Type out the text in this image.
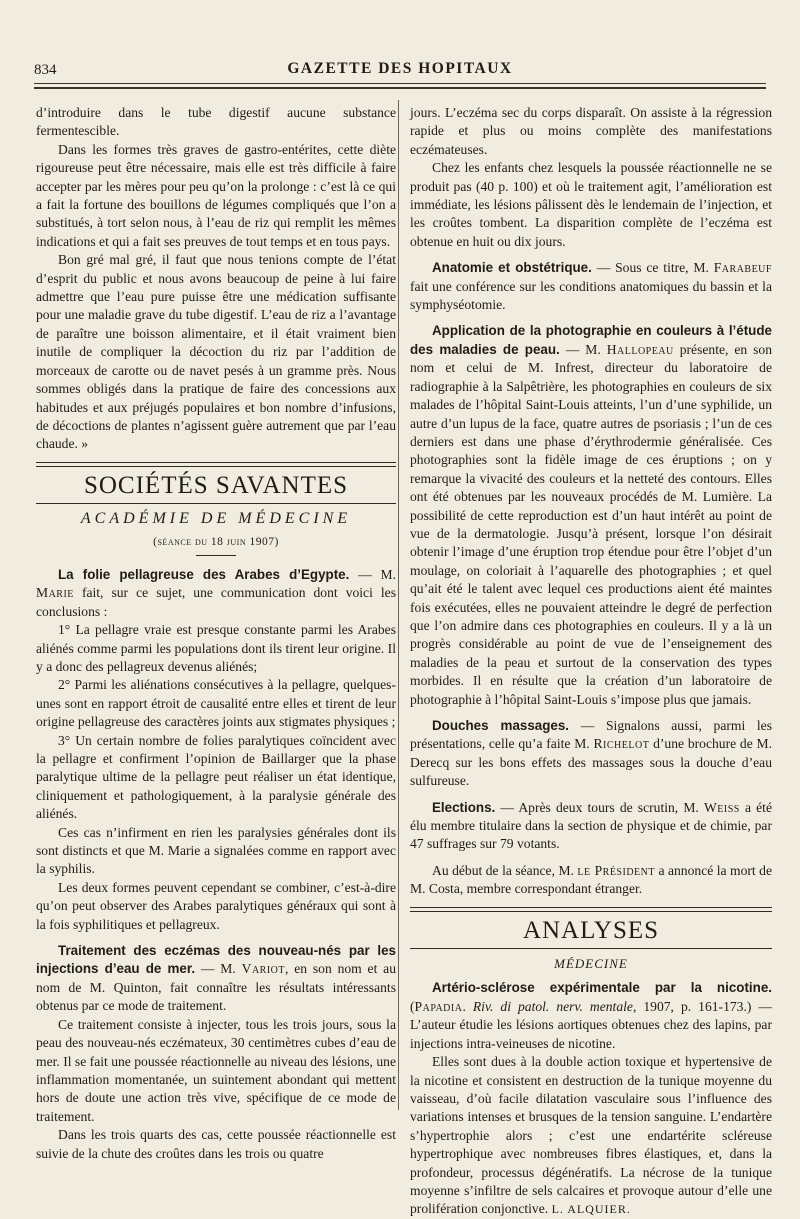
834	GAZETTE DES HOPITAUX

d’introduire dans le tube digestif aucune substance fermentescible.

Dans les formes très graves de gastro-entérites, cette diète rigoureuse peut être nécessaire, mais elle est très difficile à faire accepter par les mères pour peu qu’on la prolonge : c’est là ce qui a fait la fortune des bouillons de légumes compliqués que l’on a substitués, à tort selon nous, à l’eau de riz qui remplit les mêmes indications et qui a fait ses preuves de tout temps et en tous pays.

Bon gré mal gré, il faut que nous tenions compte de l’état d’esprit du public et nous avons beaucoup de peine à lui faire admettre que l’eau pure puisse être une médication suffisante pour une maladie grave du tube digestif. L’eau de riz a l’avantage de paraître une boisson alimentaire, et il était vraiment bien inutile de compliquer la décoction du riz par l’addition de morceaux de carotte ou de navet pesés à un gramme près. Nous sommes obligés dans la pratique de faire des concessions aux habitudes et aux préjugés populaires et bon nombre d’infusions, de décoctions de plantes n’agissent guère autrement que par l’eau chaude. »

SOCIÉTÉS SAVANTES
ACADÉMIE DE MÉDECINE
(séance du 18 juin 1907)

La folie pellagreuse des Arabes d’Egypte. — M. Marie fait, sur ce sujet, une communication dont voici les conclusions :

1° La pellagre vraie est presque constante parmi les Arabes aliénés comme parmi les populations dont ils tirent leur origine. Il y a donc des pellagreux devenus aliénés;

2° Parmi les aliénations consécutives à la pellagre, quelques-unes sont en rapport étroit de causalité entre elles et tirent de leur origine pellagreuse des caractères joints aux stigmates physiques ;

3° Un certain nombre de folies paralytiques coïncident avec la pellagre et confirment l’opinion de Baillarger que la phase paralytique ultime de la pellagre peut réaliser un état identique, cliniquement et pathologiquement, à la paralysie générale des aliénés.

Ces cas n’infirment en rien les paralysies générales dont ils sont distincts et que M. Marie a signalées comme en rapport avec la syphilis.

Les deux formes peuvent cependant se combiner, c’est-à-dire qu’on peut observer des Arabes paralytiques généraux qui sont à la fois syphilitiques et pellagreux.

Traitement des eczémas des nouveau-nés par les injections d’eau de mer. — M. Variot, en son nom et au nom de M. Quinton, fait connaître les résultats intéressants obtenus par ce mode de traitement.

Ce traitement consiste à injecter, tous les trois jours, sous la peau des nouveau-nés eczémateux, 30 centimètres cubes d’eau de mer. Il se fait une poussée réactionnelle au niveau des lésions, une inflammation momentanée, un suintement abondant qui mettent hors de doute une action très vive, spécifique de ce mode de traitement.

Dans les trois quarts des cas, cette poussée réactionnelle est suivie de la chute des croûtes dans les trois ou quatre

jours. L’eczéma sec du corps disparaît. On assiste à la régression rapide et plus ou moins complète des manifestations eczémateuses.

Chez les enfants chez lesquels la poussée réactionnelle ne se produit pas (40 p. 100) et où le traitement agit, l’amélioration est immédiate, les lésions pâlissent dès le lendemain de l’injection, et les croûtes tombent. La disparition complète de l’eczéma est obtenue en huit ou dix jours.

Anatomie et obstétrique. — Sous ce titre, M. Farabeuf fait une conférence sur les conditions anatomiques du bassin et la symphyséotomie.

Application de la photographie en couleurs à l’étude des maladies de peau. — M. Hallopeau présente, en son nom et celui de M. Infrest, directeur du laboratoire de radiographie à la Salpêtrière, les photographies en couleurs de six malades de l’hôpital Saint-Louis atteints, l’un d’une syphilide, un autre d’un lupus de la face, quatre autres de psoriasis ; l’un de ces derniers est dans une phase d’érythrodermie généralisée. Ces photographies sont la fidèle image de ces éruptions ; on y remarque la vivacité des couleurs et la netteté des contours. Elles ont été obtenues par les nouveaux procédés de M. Lumière. La possibilité de cette reproduction est d’un haut intérêt au point de vue de la dermatologie. Jusqu’à présent, lorsque l’on désirait obtenir l’image d’une éruption trop étendue pour être l’objet d’un moulage, on coloriait à l’aquarelle des photographies ; et quel qu’ait été le talent avec lequel ces productions aient été maintes fois exécutées, elles ne pouvaient atteindre le degré de perfection que l’on admire dans ces photographies en couleurs. Il y a là un progrès considérable au point de vue de l’enseignement des maladies de la peau et surtout de la conservation des types morbides. Il en résulte que la création d’un laboratoire de photographie à l’hôpital Saint-Louis s’impose plus que jamais.

Douches massages. — Signalons aussi, parmi les présentations, celle qu’a faite M. Richelot d’une brochure de M. Derecq sur les bons effets des massages sous la douche d’eau sulfureuse.

Elections. — Après deux tours de scrutin, M. Weiss a été élu membre titulaire dans la section de physique et de chimie, par 47 suffrages sur 79 votants.

Au début de la séance, M. le Président a annoncé la mort de M. Costa, membre correspondant étranger.

ANALYSES
MÉDECINE

Artério-sclérose expérimentale par la nicotine. (Papadia. Riv. di patol. nerv. mentale, 1907, p. 161-173.) — L’auteur étudie les lésions aortiques obtenues chez des lapins, par injections intra-veineuses de nicotine.

Elles sont dues à la double action toxique et hypertensive de la nicotine et consistent en destruction de la tunique moyenne du vaisseau, d’où facile dilatation vasculaire sous l’influence des variations intenses et brusques de la tension sanguine. L’endartère s’hypertrophie alors ; c’est une endartérite scléreuse hypertrophique avec nombreuses fibres élastiques, et, dans la profondeur, processus dégénératifs. La nécrose de la tunique moyenne s’infiltre de sels calcaires et provoque autour d’elle une prolifération conjonctive. L. ALQUIER.
